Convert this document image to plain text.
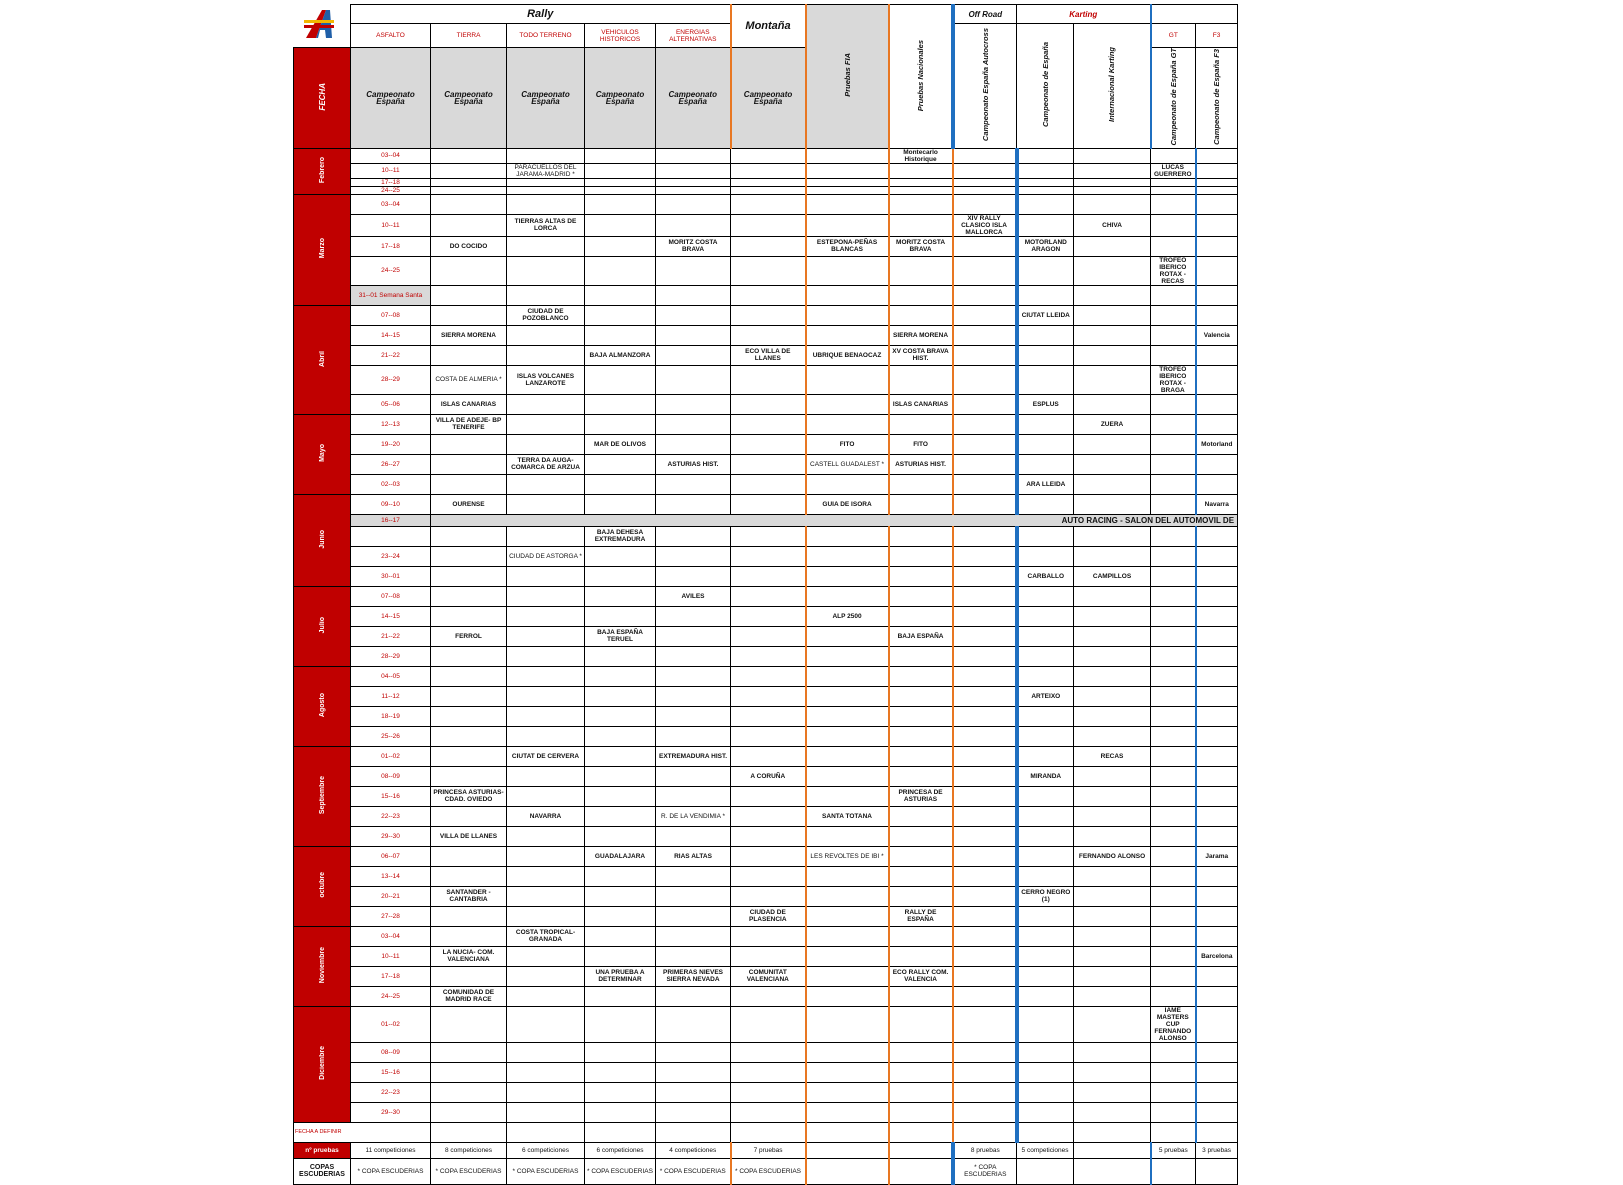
	Rally					Montaña	Pruebas FIA	Pruebas Nacionales	Off Road	Karting				
	ASFALTO	TIERRA	TODO TERRENO	VEHICULOS HISTORICOS	ENERGIAS ALTERNATIVAS				Campeonato España Autocross	Campeonato de España	Internacional Karting	GT	F3	
FECHA	Campeonato España	Campeonato España	Campeonato España	Campeonato España	Campeonato España	Campeonato España						Campeonato de España GT	Campeonato de España F3	
Febrero	03--04							Montecarlo Historique						
	10--11		PARACUELLOS DEL JARAMA-MADRID *									LUCAS GUERRERO		
	17--18													
	24--25													
Marzo	03--04													
	10--11		TIERRAS ALTAS DE LORCA						XIV RALLY CLASICO ISLA MALLORCA		CHIVA			
	17--18	DO COCIDO			MORITZ COSTA BRAVA		ESTEPONA-PEÑAS BLANCAS	MORITZ COSTA BRAVA		MOTORLAND ARAGON				
	24--25											TROFEO IBERICO ROTAX -RECAS		
	31--01 Semana Santa													
Abril	07--08		CIUDAD DE POZOBLANCO							CIUTAT LLEIDA				
	14--15	SIERRA MORENA						SIERRA MORENA					Valencia	
	21--22			BAJA ALMANZORA		ECO VILLA DE LLANES	UBRIQUE BENAOCAZ	XV COSTA BRAVA HIST.						
	28--29	COSTA DE ALMERIA *	ISLAS VOLCANES LANZAROTE									TROFEO IBERICO ROTAX -BRAGA		
	05--06	ISLAS CANARIAS						ISLAS CANARIAS		ESPLUS				
Mayo	12--13	VILLA DE ADEJE- BP TENERIFE									ZUERA			
	19--20			MAR DE OLIVOS			FITO	FITO					Motorland	
	26--27		TERRA DA AUGA- COMARCA DE ARZUA		ASTURIAS HIST.		CASTELL GUADALEST *	ASTURIAS HIST.						
	02--03									ARA LLEIDA				
Junio	09--10	OURENSE					GUIA DE ISORA						Navarra	
	16--17	AUTO RACING - SALON DEL AUTOMOVIL DE												
				BAJA DEHESA EXTREMADURA										
	23--24		CIUDAD DE ASTORGA *											
	30--01									CARBALLO	CAMPILLOS			
Julio	07--08				AVILES									
	14--15						ALP 2500							
	21--22	FERROL		BAJA ESPAÑA TERUEL				BAJA ESPAÑA						
	28--29													
Agosto	04--05													
	11--12									ARTEIXO				
	18--19													
	25--26													
Septiembre	01--02		CIUTAT DE CERVERA		EXTREMADURA HIST.						RECAS			
	08--09					A CORUÑA				MIRANDA				
	15--16	PRINCESA ASTURIAS- CDAD. OVIEDO						PRINCESA DE ASTURIAS						
	22--23		NAVARRA		R. DE LA VENDIMIA *		SANTA TOTANA							
	29--30	VILLA DE LLANES												
octubre	06--07			GUADALAJARA	RIAS ALTAS		LES REVOLTES DE IBI *				FERNANDO ALONSO		Jarama	
	13--14													
	20--21	SANTANDER - CANTABRIA								CERRO NEGRO (1)				
	27--28					CIUDAD DE PLASENCIA		RALLY DE ESPAÑA						
Noviembre	03--04		COSTA TROPICAL- GRANADA											
	10--11	LA NUCIA- COM. VALENCIANA											Barcelona	
	17--18			UNA PRUEBA A DETERMINAR	PRIMERAS NIEVES SIERRA NEVADA	COMUNITAT VALENCIANA		ECO RALLY COM. VALENCIA						
	24--25	COMUNIDAD DE MADRID RACE												
Diciembre	01--02											IAME MASTERS CUP FERNANDO ALONSO		
	08--09													
	15--16													
	22--23													
	29--30													
FECHA A DEFINIR														
nº pruebas	11 competiciones	8 competiciones	6 competiciones	6 competiciones	4 competiciones	7 pruebas			8 pruebas	5 competiciones		5 pruebas	3 pruebas	
COPAS ESCUDERIAS	* COPA ESCUDERIAS	* COPA ESCUDERIAS	* COPA ESCUDERIAS	* COPA ESCUDERIAS	* COPA ESCUDERIAS	* COPA ESCUDERIAS			* COPA ESCUDERIAS					
